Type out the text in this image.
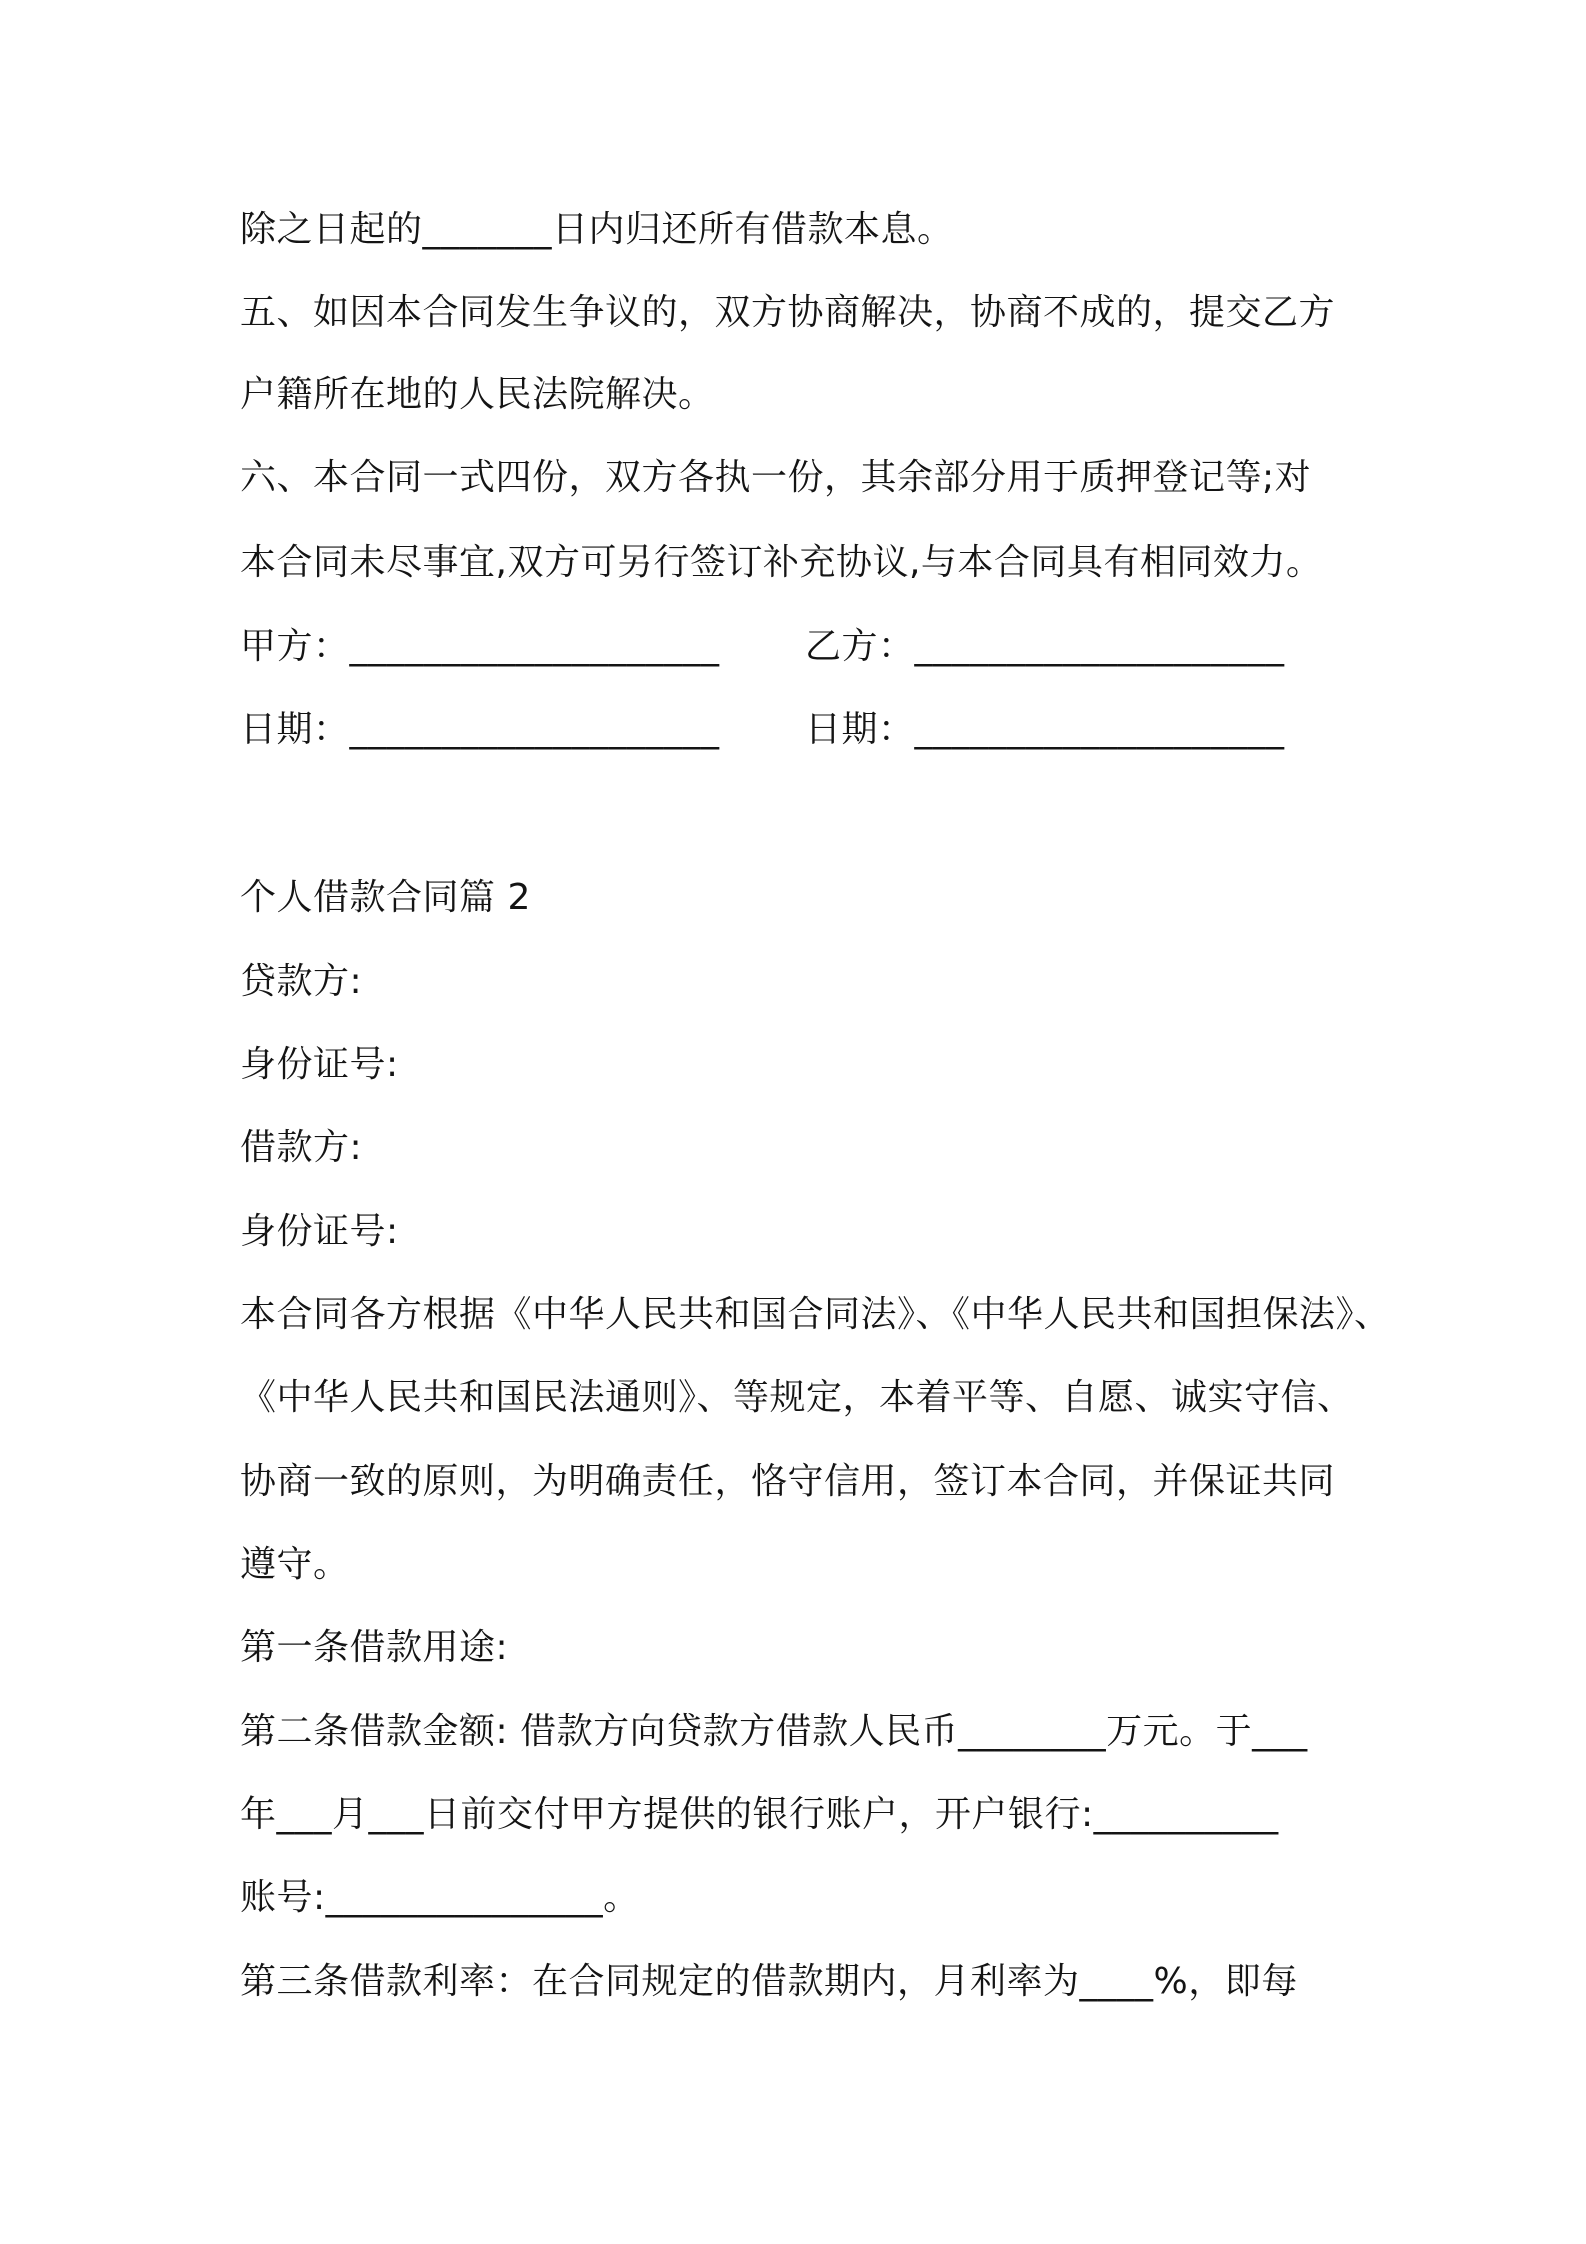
除之日起的_______日内归还所有借款本息。

五、如因本合同发生争议的，双方协商解决，协商不成的，提交乙方

户籍所在地的人民法院解决。

六、本合同一式四份，双方各执一份，其余部分用于质押登记等;对

本合同未尽事宜,双方可另行签订补充协议,与本合同具有相同效力。

甲方：____________________ 乙方：____________________
日期：____________________ 日期：____________________

个人借款合同篇 2

贷款方:

身份证号:

借款方:

身份证号:

本合同各方根据《中华人民共和国合同法》、《中华人民共和国担保法》、

《中华人民共和国民法通则》、等规定，本着平等、自愿、诚实守信、

协商一致的原则，为明确责任，恪守信用，签订本合同，并保证共同

遵守。

第一条借款用途:

第二条借款金额: 借款方向贷款方借款人民币________万元。于___

年___月___日前交付甲方提供的银行账户，开户银行:__________

账号:_______________。

第三条借款利率：在合同规定的借款期内，月利率为____%，即每
